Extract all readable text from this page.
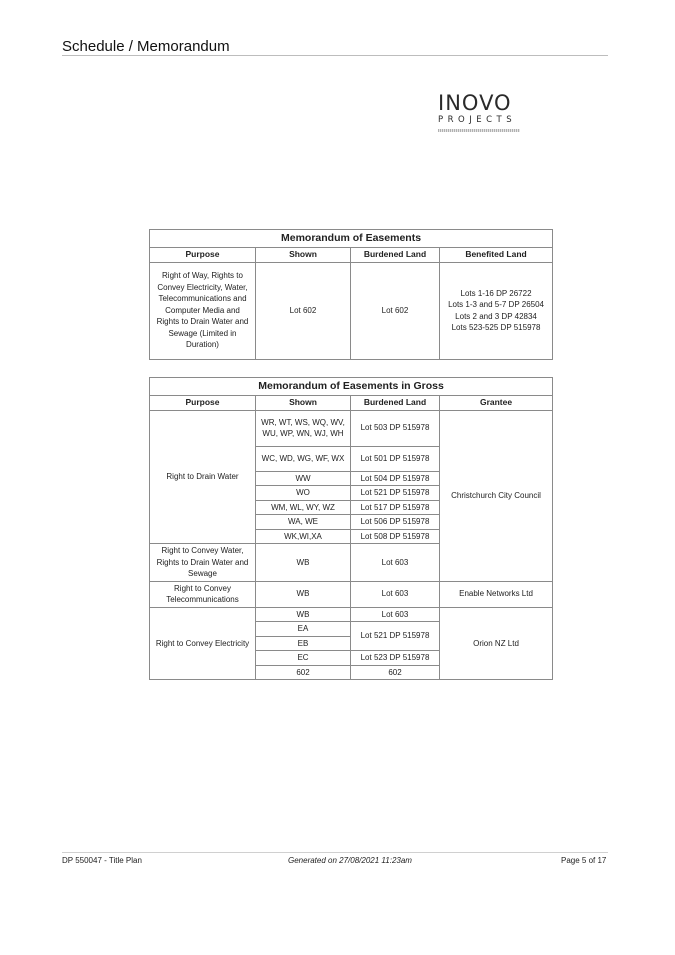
Schedule / Memorandum
INOVO
PROJECTS
Memorandum of Easements			
Purpose	Shown	Burdened Land	Benefited Land
Right of Way, Rights to Convey Electricity, Water, Telecommunications and Computer Media and Rights to Drain Water and Sewage (Limited in Duration)	Lot 602	Lot 602	Lots 1-16 DP 26722
Lots 1-3 and 5-7 DP 26504
Lots 2 and 3 DP 42834
Lots 523-525 DP 515978
Memorandum of Easements in Gross			
Purpose	Shown	Burdened Land	Grantee
Right to Drain Water	WR, WT, WS, WQ, WV, WU, WP, WN, WJ, WH	Lot 503 DP 515978	Christchurch City Council
	WC, WD, WG, WF, WX	Lot 501 DP 515978	
	WW	Lot 504 DP 515978	
	WO	Lot 521 DP 515978	
	WM, WL, WY, WZ	Lot 517 DP 515978	
	WA, WE	Lot 506 DP 515978	
	WK,WI,XA	Lot 508 DP 515978	
Right to Convey Water, Rights to Drain Water and Sewage	WB	Lot 603	
Right to Convey Telecommunications	WB	Lot 603	Enable Networks Ltd
Right to Convey Electricity	WB	Lot 603	Orion NZ Ltd
	EA	Lot 521 DP 515978	
	EB		
	EC	Lot 523 DP 515978	
	602	602	
DP 550047 - Title Plan	Generated on 27/08/2021 11:23am	Page 5 of 17
